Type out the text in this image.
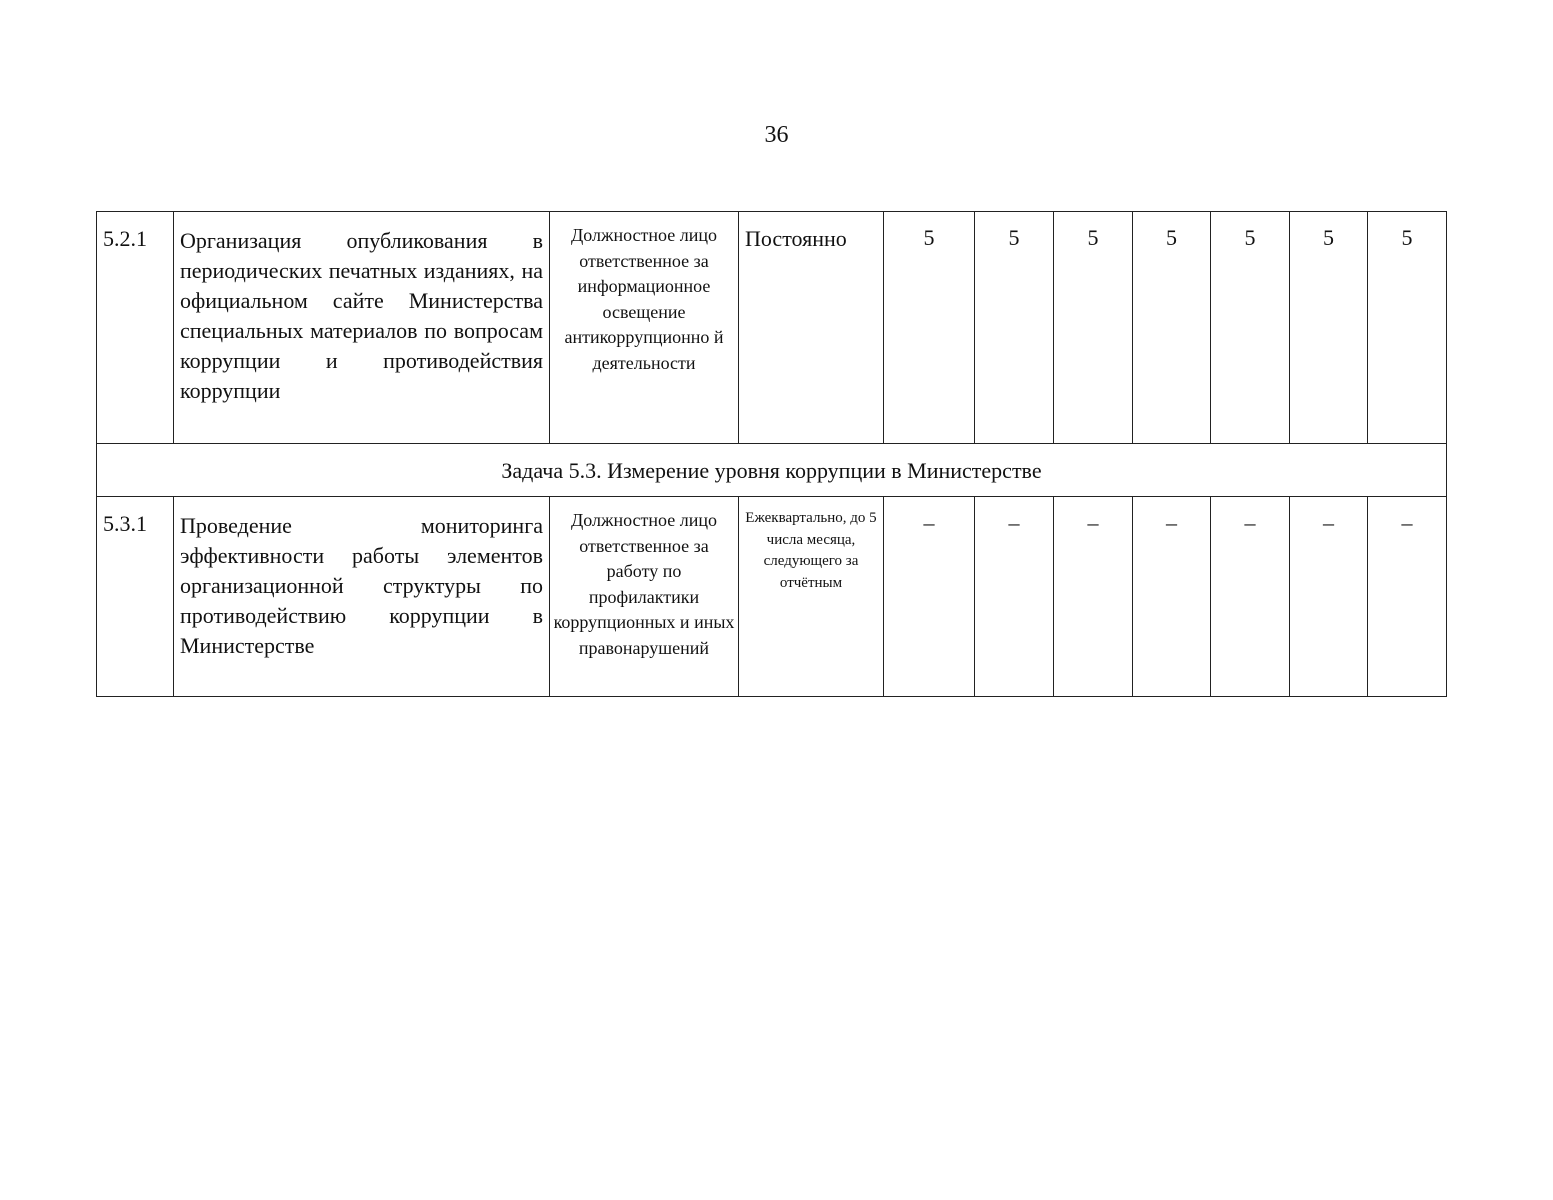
36
5.2.1	Организация опубликования в периодических печатных изданиях, на официальном сайте Министерства специальных материалов по вопросам коррупции и противодействия коррупции	Должностное лицо ответственное за информационное освещение антикоррупционно й деятельности	Постоянно	5	5	5	5	5	5	5
Задача 5.3. Измерение уровня коррупции в Министерстве										
5.3.1	Проведение мониторинга эффективности работы элементов организационной структуры по противодействию коррупции в Министерстве	Должностное лицо ответственное за работу по профилактики коррупционных и иных правонарушений	Ежеквартально, до 5 числа месяца, следующего за отчётным	–	–	–	–	–	–	–
